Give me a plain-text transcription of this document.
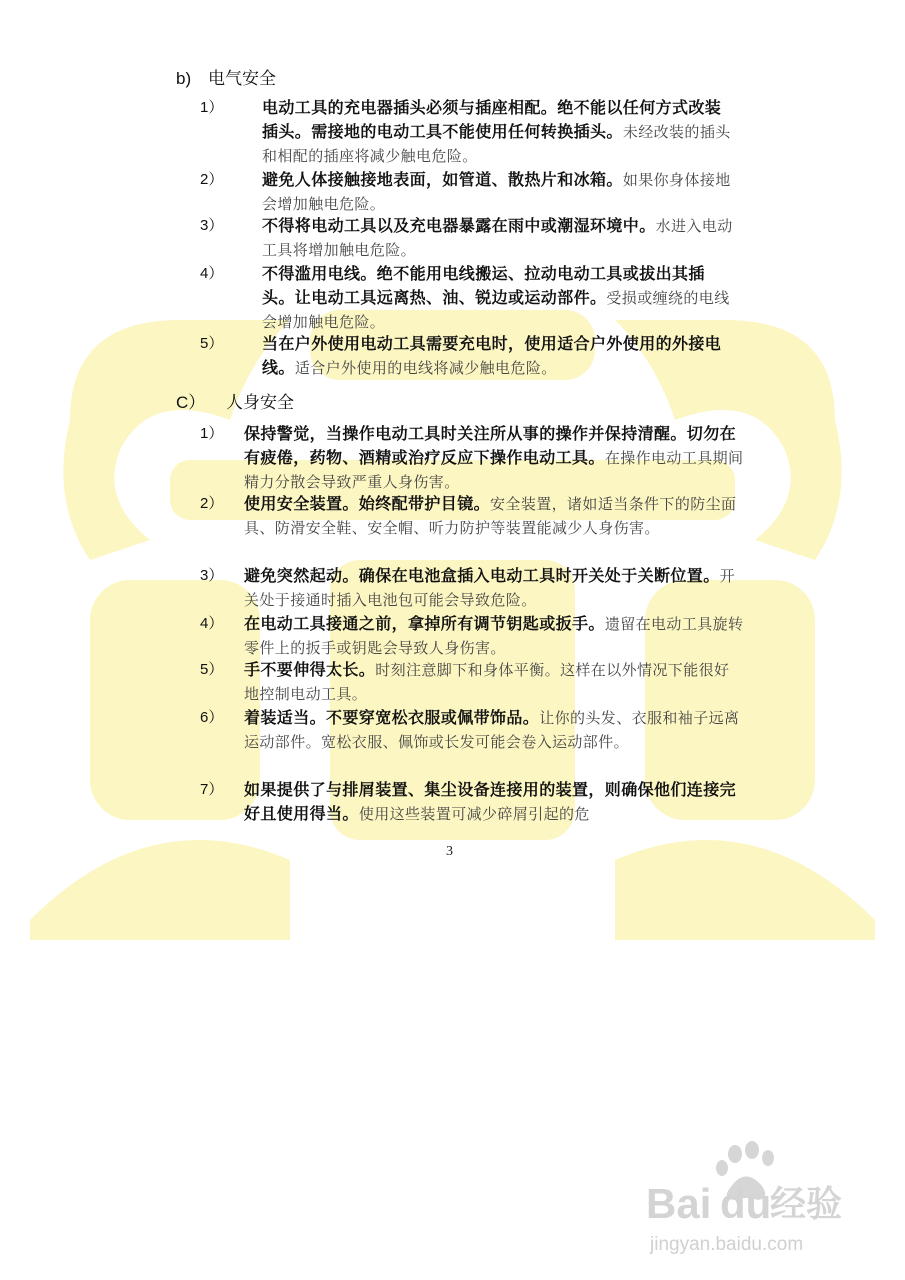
b) 电气安全
1） 电动工具的充电器插头必须与插座相配。绝不能以任何方式改装插头。需接地的电动工具不能使用任何转换插头。未经改装的插头和相配的插座将减少触电危险。
2） 避免人体接触接地表面，如管道、散热片和冰箱。如果你身体接地会增加触电危险。
3） 不得将电动工具以及充电器暴露在雨中或潮湿环境中。水进入电动工具将增加触电危险。
4） 不得滥用电线。绝不能用电线搬运、拉动电动工具或拔出其插头。让电动工具远离热、油、锐边或运动部件。受损或缠绕的电线会增加触电危险。
5） 当在户外使用电动工具需要充电时，使用适合户外使用的外接电线。适合户外使用的电线将减少触电危险。
C） 人身安全
1） 保持警觉，当操作电动工具时关注所从事的操作并保持清醒。切勿在有疲倦，药物、酒精或治疗反应下操作电动工具。在操作电动工具期间精力分散会导致严重人身伤害。
2） 使用安全装置。始终配带护目镜。安全装置，诸如适当条件下的防尘面具、防滑安全鞋、安全帽、听力防护等装置能减少人身伤害。
3） 避免突然起动。确保在电池盒插入电动工具时开关处于关断位置。开关处于接通时插入电池包可能会导致危险。
4） 在电动工具接通之前，拿掉所有调节钥匙或扳手。遗留在电动工具旋转零件上的扳手或钥匙会导致人身伤害。
5） 手不要伸得太长。时刻注意脚下和身体平衡。这样在以外情况下能很好地控制电动工具。
6） 着装适当。不要穿宽松衣服或佩带饰品。让你的头发、衣服和袖子远离运动部件。宽松衣服、佩饰或长发可能会卷入运动部件。
7） 如果提供了与排屑装置、集尘设备连接用的装置，则确保他们连接完好且使用得当。使用这些装置可减少碎屑引起的危
3
Bai du
经验
jingyan.baidu.com
